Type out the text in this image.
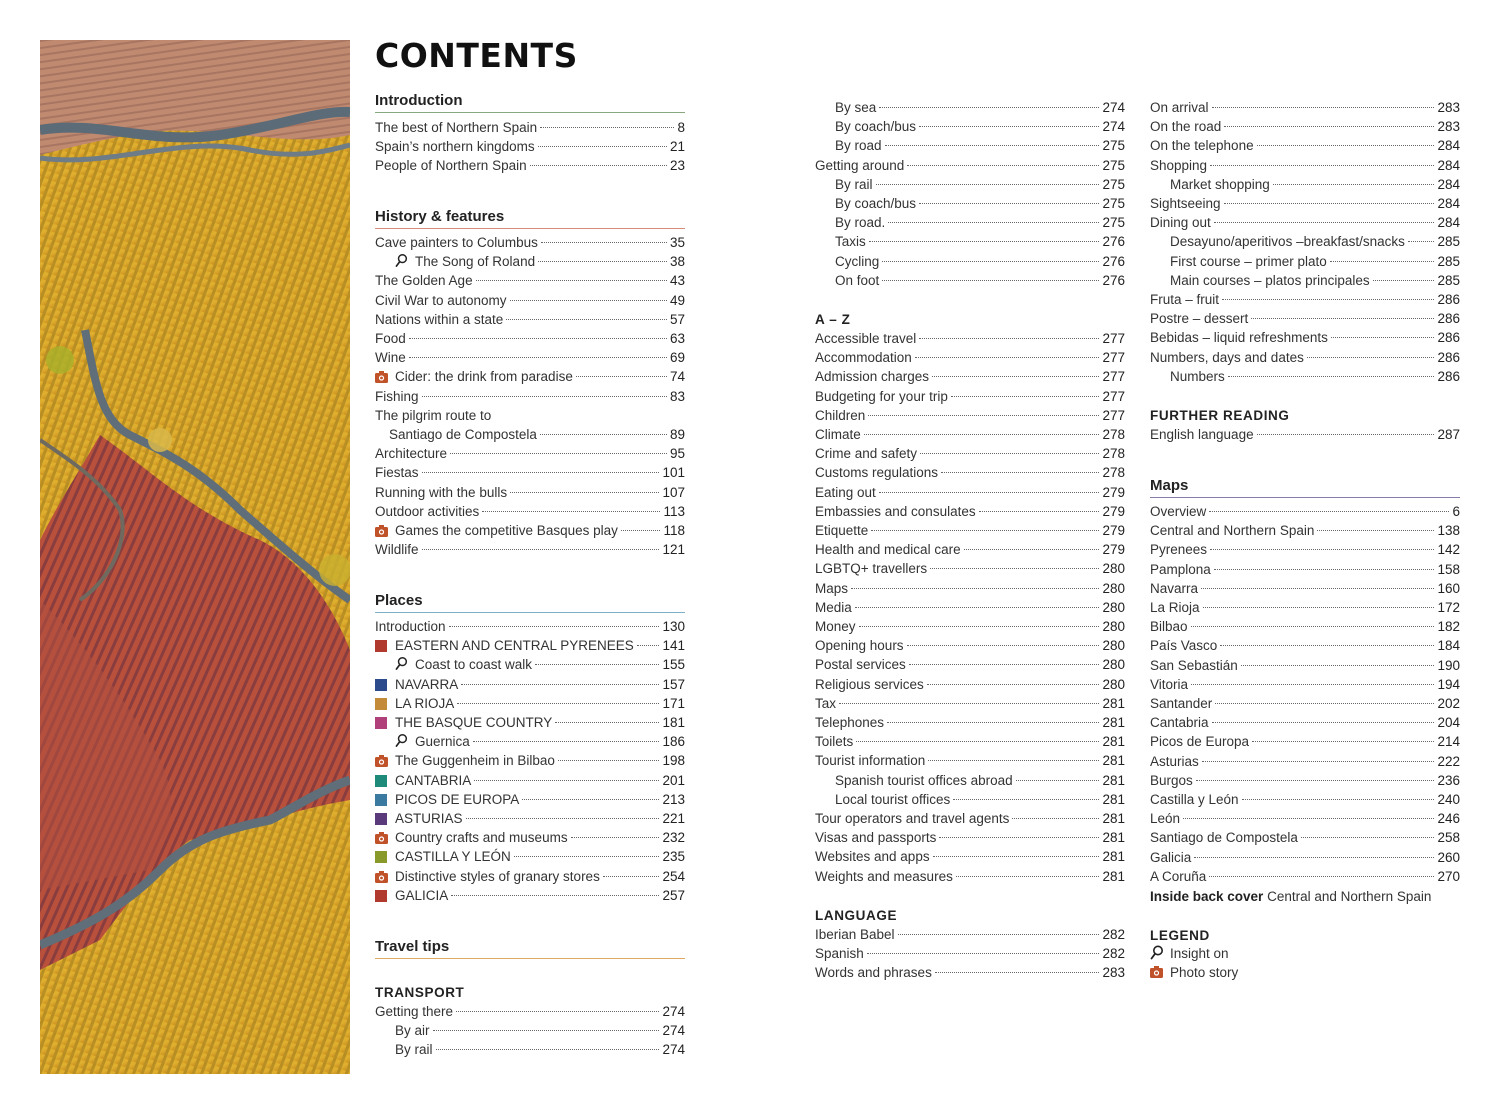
CONTENTS
Introduction
The best of Northern Spain	8
Spain’s northern kingdoms	21
People of Northern Spain	23
History & features
Cave painters to Columbus	35
The Song of Roland	38
The Golden Age	43
Civil War to autonomy	49
Nations within a state	57
Food	63
Wine	69
Cider: the drink from paradise	74
Fishing	83
The pilgrim route to
Santiago de Compostela	89
Architecture	95
Fiestas	101
Running with the bulls	107
Outdoor activities	113
Games the competitive Basques play	118
Wildlife	121
Places
Introduction	130
EASTERN AND CENTRAL PYRENEES 141
Coast to coast walk	155
NAVARRA	157
LA RIOJA	171
THE BASQUE COUNTRY	181
Guernica	186
The Guggenheim in Bilbao	198
CANTABRIA	201
PICOS DE EUROPA	213
ASTURIAS	221
Country crafts and museums	232
CASTILLA Y LEÓN	235
Distinctive styles of granary stores	254
GALICIA	257
Travel tips
TRANSPORT
Getting there	274
By air	274
By rail	274
By sea	274
By coach/bus	274
By road	275
Getting around	275
By rail	275
By coach/bus	275
By road.	275
Taxis	276
Cycling	276
On foot	276
A – Z
Accessible travel	277
Accommodation	277
Admission charges	277
Budgeting for your trip	277
Children	277
Climate	278
Crime and safety	278
Customs regulations	278
Eating out	279
Embassies and consulates	279
Etiquette	279
Health and medical care	279
LGBTQ+ travellers	280
Maps	280
Media	280
Money	280
Opening hours	280
Postal services	280
Religious services	280
Tax	281
Telephones	281
Toilets	281
Tourist information	281
Spanish tourist offices abroad	281
Local tourist offices	281
Tour operators and travel agents	281
Visas and passports	281
Websites and apps	281
Weights and measures	281
LANGUAGE
Iberian Babel	282
Spanish	282
Words and phrases	283
On arrival	283
On the road	283
On the telephone	284
Shopping	284
Market shopping	284
Sightseeing	284
Dining out	284
Desayuno/aperitivos –breakfast/snacks 285
First course – primer plato	285
Main courses – platos principales	285
Fruta – fruit	286
Postre – dessert	286
Bebidas – liquid refreshments	286
Numbers, days and dates	286
Numbers	286
FURTHER READING
English language	287
Maps
Overview	6
Central and Northern Spain	138
Pyrenees	142
Pamplona	158
Navarra	160
La Rioja	172
Bilbao	182
País Vasco	184
San Sebastián	190
Vitoria	194
Santander	202
Cantabria	204
Picos de Europa	214
Asturias	222
Burgos	236
Castilla y León	240
León	246
Santiago de Compostela	258
Galicia	260
A Coruña	270
Inside back cover Central and Northern Spain
LEGEND
Insight on
Photo story
